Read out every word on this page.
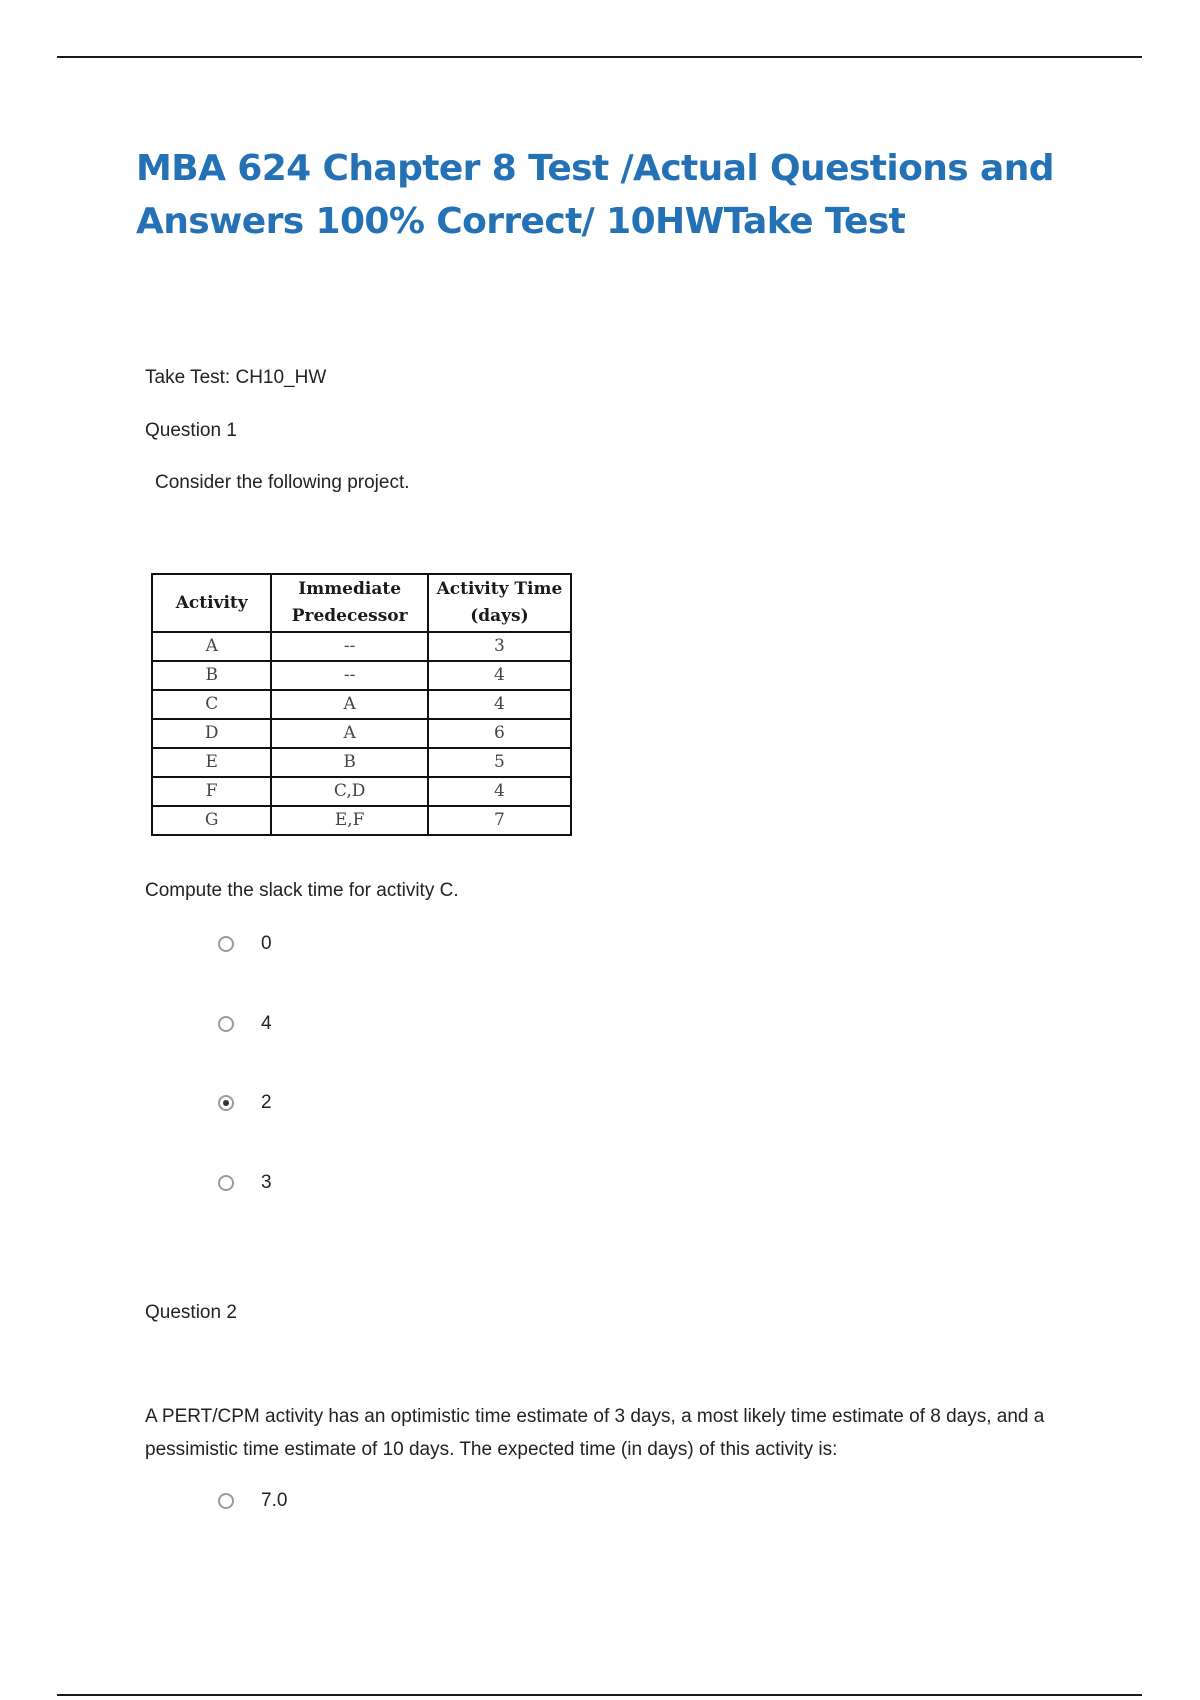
MBA 624 Chapter 8 Test /Actual Questions and
Answers 100% Correct/ 10HWTake Test

Take Test: CH10_HW

Question 1

Consider the following project.

Activity	Immediate Predecessor	Activity Time (days)
A	--	3
B	--	4
C	A	4
D	A	6
E	B	5
F	C,D	4
G	E,F	7

Compute the slack time for activity C.

0
4
2
3

Question 2

A PERT/CPM activity has an optimistic time estimate of 3 days, a most likely time estimate of 8 days, and a pessimistic time estimate of 10 days. The expected time (in days) of this activity is:

7.0
